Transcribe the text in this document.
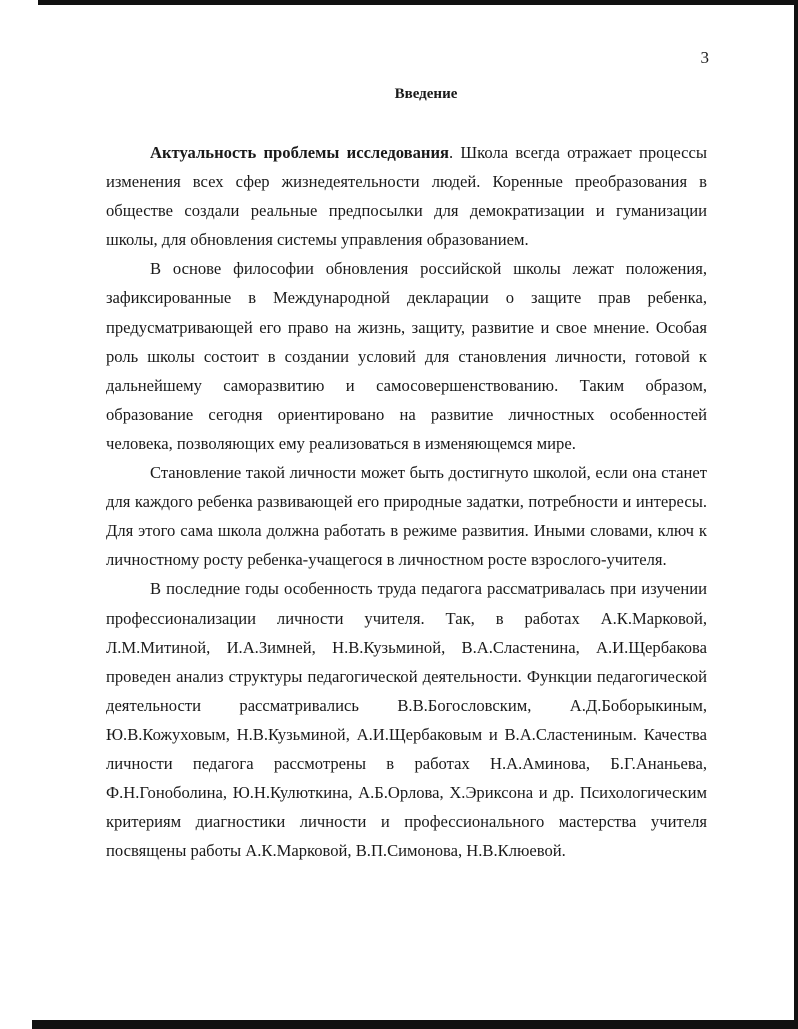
3
Введение

Актуальность проблемы исследования. Школа всегда отражает процессы изменения всех сфер жизнедеятельности людей. Коренные преобразования в обществе создали реальные предпосылки для демократизации и гуманизации школы, для обновления системы управления образованием.

В основе философии обновления российской школы лежат положения, зафиксированные в Международной декларации о защите прав ребенка, предусматривающей его право на жизнь, защиту, развитие и свое мнение. Особая роль школы состоит в создании условий для становления личности, готовой к дальнейшему саморазвитию и самосовершенствованию. Таким образом, образование сегодня ориентировано на развитие личностных особенностей человека, позволяющих ему реализоваться в изменяющемся мире.

Становление такой личности может быть достигнуто школой, если она станет для каждого ребенка развивающей его природные задатки, потребности и интересы. Для этого сама школа должна работать в режиме развития. Иными словами, ключ к личностному росту ребенка-учащегося в личностном росте взрослого-учителя.

В последние годы особенность труда педагога рассматривалась при изучении профессионализации личности учителя. Так, в работах А.К.Марковой, Л.М.Митиной, И.А.Зимней, Н.В.Кузьминой, В.А.Сластенина, А.И.Щербакова проведен анализ структуры педагогической деятельности. Функции педагогической деятельности рассматривались В.В.Богословским, А.Д.Боборыкиным, Ю.В.Кожуховым, Н.В.Кузьминой, А.И.Щербаковым и В.А.Сластениным. Качества личности педагога рассмотрены в работах Н.А.Аминова, Б.Г.Ананьева, Ф.Н.Гоноболина, Ю.Н.Кулюткина, А.Б.Орлова, Х.Эриксона и др. Психологическим критериям диагностики личности и профессионального мастерства учителя посвящены работы А.К.Марковой, В.П.Симонова, Н.В.Клюевой.
